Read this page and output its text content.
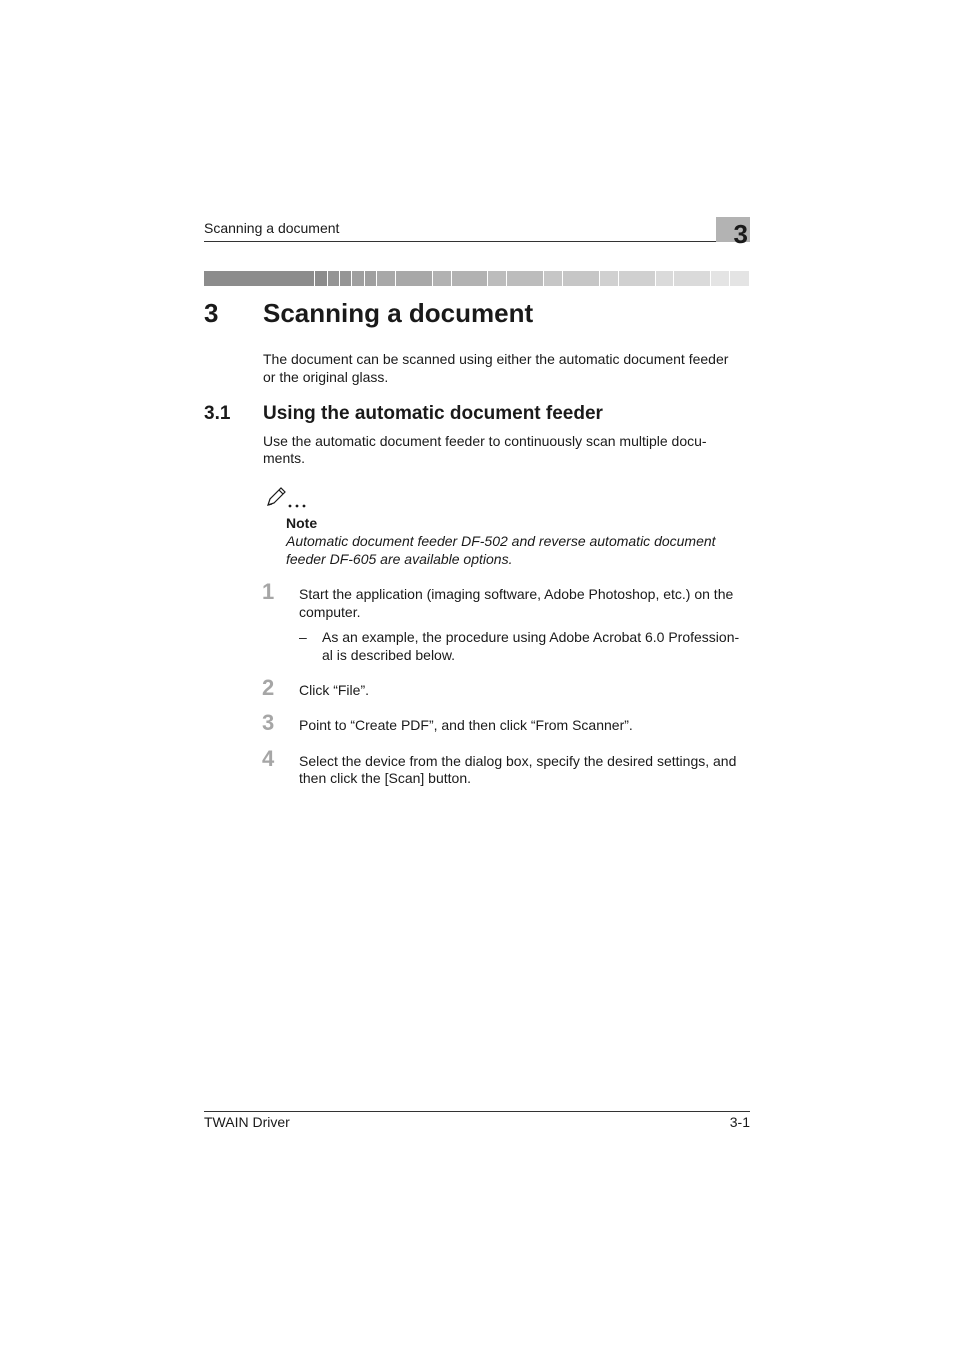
Scanning a document	3
3 Scanning a document
The document can be scanned using either the automatic document feeder
or the original glass.
3.1 Using the automatic document feeder
Use the automatic document feeder to continuously scan multiple docu-
ments.
Note
Automatic document feeder DF-502 and reverse automatic document
feeder DF-605 are available options.
1 Start the application (imaging software, Adobe Photoshop, etc.) on the
computer.
– As an example, the procedure using Adobe Acrobat 6.0 Profession-
al is described below.
2 Click “File”.
3 Point to “Create PDF”, and then click “From Scanner”.
4 Select the device from the dialog box, specify the desired settings, and
then click the [Scan] button.
TWAIN Driver	3-1
